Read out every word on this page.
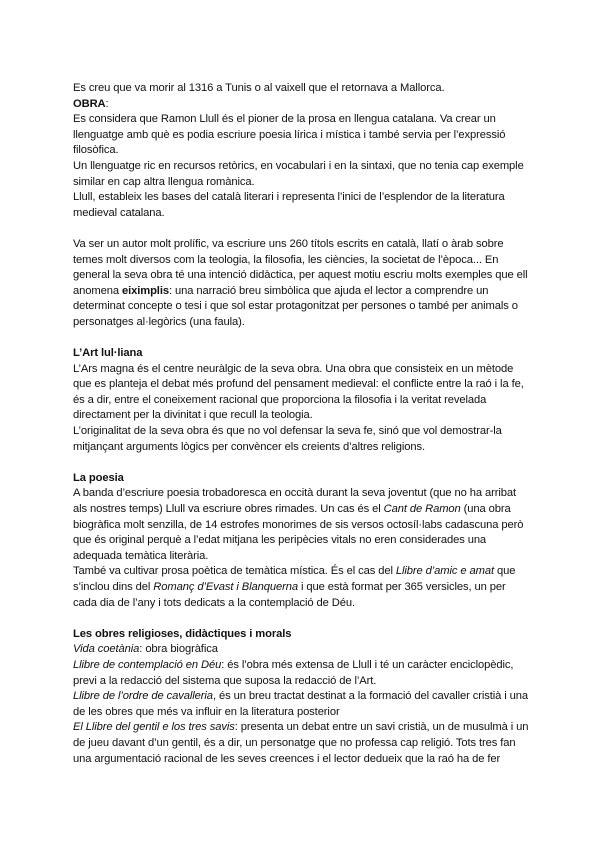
Es creu que va morir al 1316 a Tunis o al vaixell que el retornava a Mallorca.

OBRA:

Es considera que Ramon Llull és el pioner de la prosa en llengua catalana. Va crear un llenguatge amb què es podia escriure poesia lírica i mística i també servia per l’expressió filosòfica.

Un llenguatge ric en recursos retòrics, en vocabulari i en la sintaxi, que no tenia cap exemple similar en cap altra llengua romànica.

Llull, estableix les bases del català literari i representa l’inici de l’esplendor de la literatura medieval catalana.

Va ser un autor molt prolífic, va escriure uns 260 títols escrits en català, llatí o àrab sobre temes molt diversos com la teologia, la filosofia, les ciències, la societat de l’època... En general la seva obra té una intenció didàctica, per aquest motiu escriu molts exemples que ell anomena eiximplis: una narració breu simbòlica que ajuda el lector a comprendre un determinat concepte o tesi i que sol estar protagonitzat per persones o també per animals o personatges al·legòrics (una faula).

L’Art lul·liana

L’Ars magna és el centre neuràlgic de la seva obra. Una obra que consisteix en un mètode que es planteja el debat més profund del pensament medieval: el conflicte entre la raó i la fe, és a dir, entre el coneixement racional que proporciona la filosofia i la veritat revelada directament per la divinitat i que recull la teologia.

L’originalitat de la seva obra és que no vol defensar la seva fe, sinó que vol demostrar-la mitjançant arguments lògics per convèncer els creients d’altres religions.

La poesia

A banda d’escriure poesia trobadoresca en occità durant la seva joventut (que no ha arribat als nostres temps) Llull va escriure obres rimades. Un cas és el Cant de Ramon (una obra biogràfica molt senzilla, de 14 estrofes monorimes de sis versos octosíl·labs cadascuna però que és original perquè a l’edat mitjana les peripècies vitals no eren considerades una adequada temàtica literària.

També va cultivar prosa poètica de temàtica mística. És el cas del Llibre d’amic e amat que s’inclou dins del Romanç d’Evast i Blanquerna i que està format per 365 versicles, un per cada dia de l’any i tots dedicats a la contemplació de Déu.

Les obres religioses, didàctiques i morals

Vida coetània: obra biogràfica

Llibre de contemplació en Déu: és l’obra més extensa de Llull i té un caràcter enciclopèdic, previ a la redacció del sistema que suposa la redacció de l’Art.

Llibre de l’ordre de cavalleria, és un breu tractat destinat a la formació del cavaller cristià i una de les obres que més va influir en la literatura posterior

El Llibre del gentil e los tres savis: presenta un debat entre un savi cristià, un de musulmà i un de jueu davant d’un gentil, és a dir, un personatge que no professa cap religió. Tots tres fan una argumentació racional de les seves creences i el lector dedueix que la raó ha de fer
